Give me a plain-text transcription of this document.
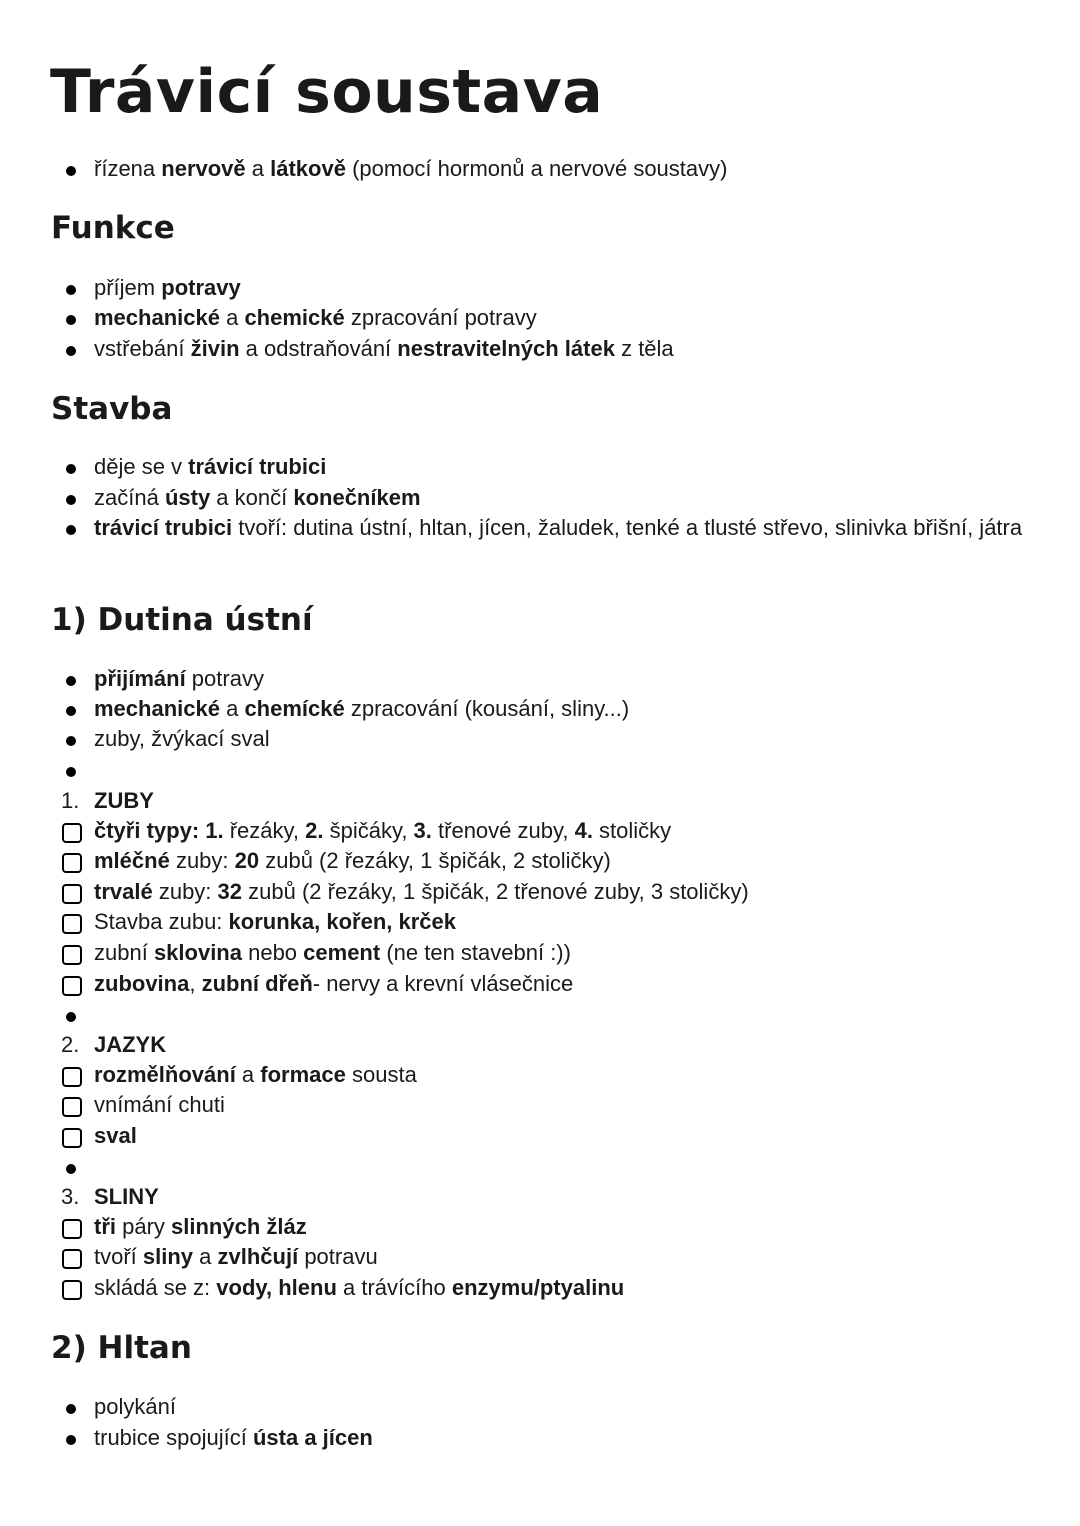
Trávicí soustava
řízena nervově a látkově (pomocí hormonů a nervové soustavy)
Funkce
příjem potravy
mechanické a chemické zpracování potravy
vstřebání živin a odstraňování nestravitelných látek z těla
Stavba
děje se v trávicí trubici
začíná ústy a končí konečníkem
trávicí trubici tvoří: dutina ústní, hltan, jícen, žaludek, tenké a tlusté střevo, slinivka břišní, játra
1) Dutina ústní
přijímání potravy
mechanické a chemícké zpracování (kousání, sliny...)
zuby, žvýkací sval
1. ZUBY
čtyři typy: 1. řezáky, 2. špičáky, 3. třenové zuby, 4. stoličky
mléčné zuby: 20 zubů (2 řezáky, 1 špičák, 2 stoličky)
trvalé zuby: 32 zubů (2 řezáky, 1 špičák, 2 třenové zuby, 3 stoličky)
Stavba zubu: korunka, kořen, krček
zubní sklovina nebo cement (ne ten stavební :))
zubovina, zubní dřeň- nervy a krevní vlásečnice
2. JAZYK
rozmělňování a formace sousta
vnímání chuti
sval
3. SLINY
tři páry slinných žláz
tvoří sliny a zvlhčují potravu
skládá se z: vody, hlenu a trávícího enzymu/ptyalinu
2) Hltan
polykání
trubice spojující ústa a jícen
